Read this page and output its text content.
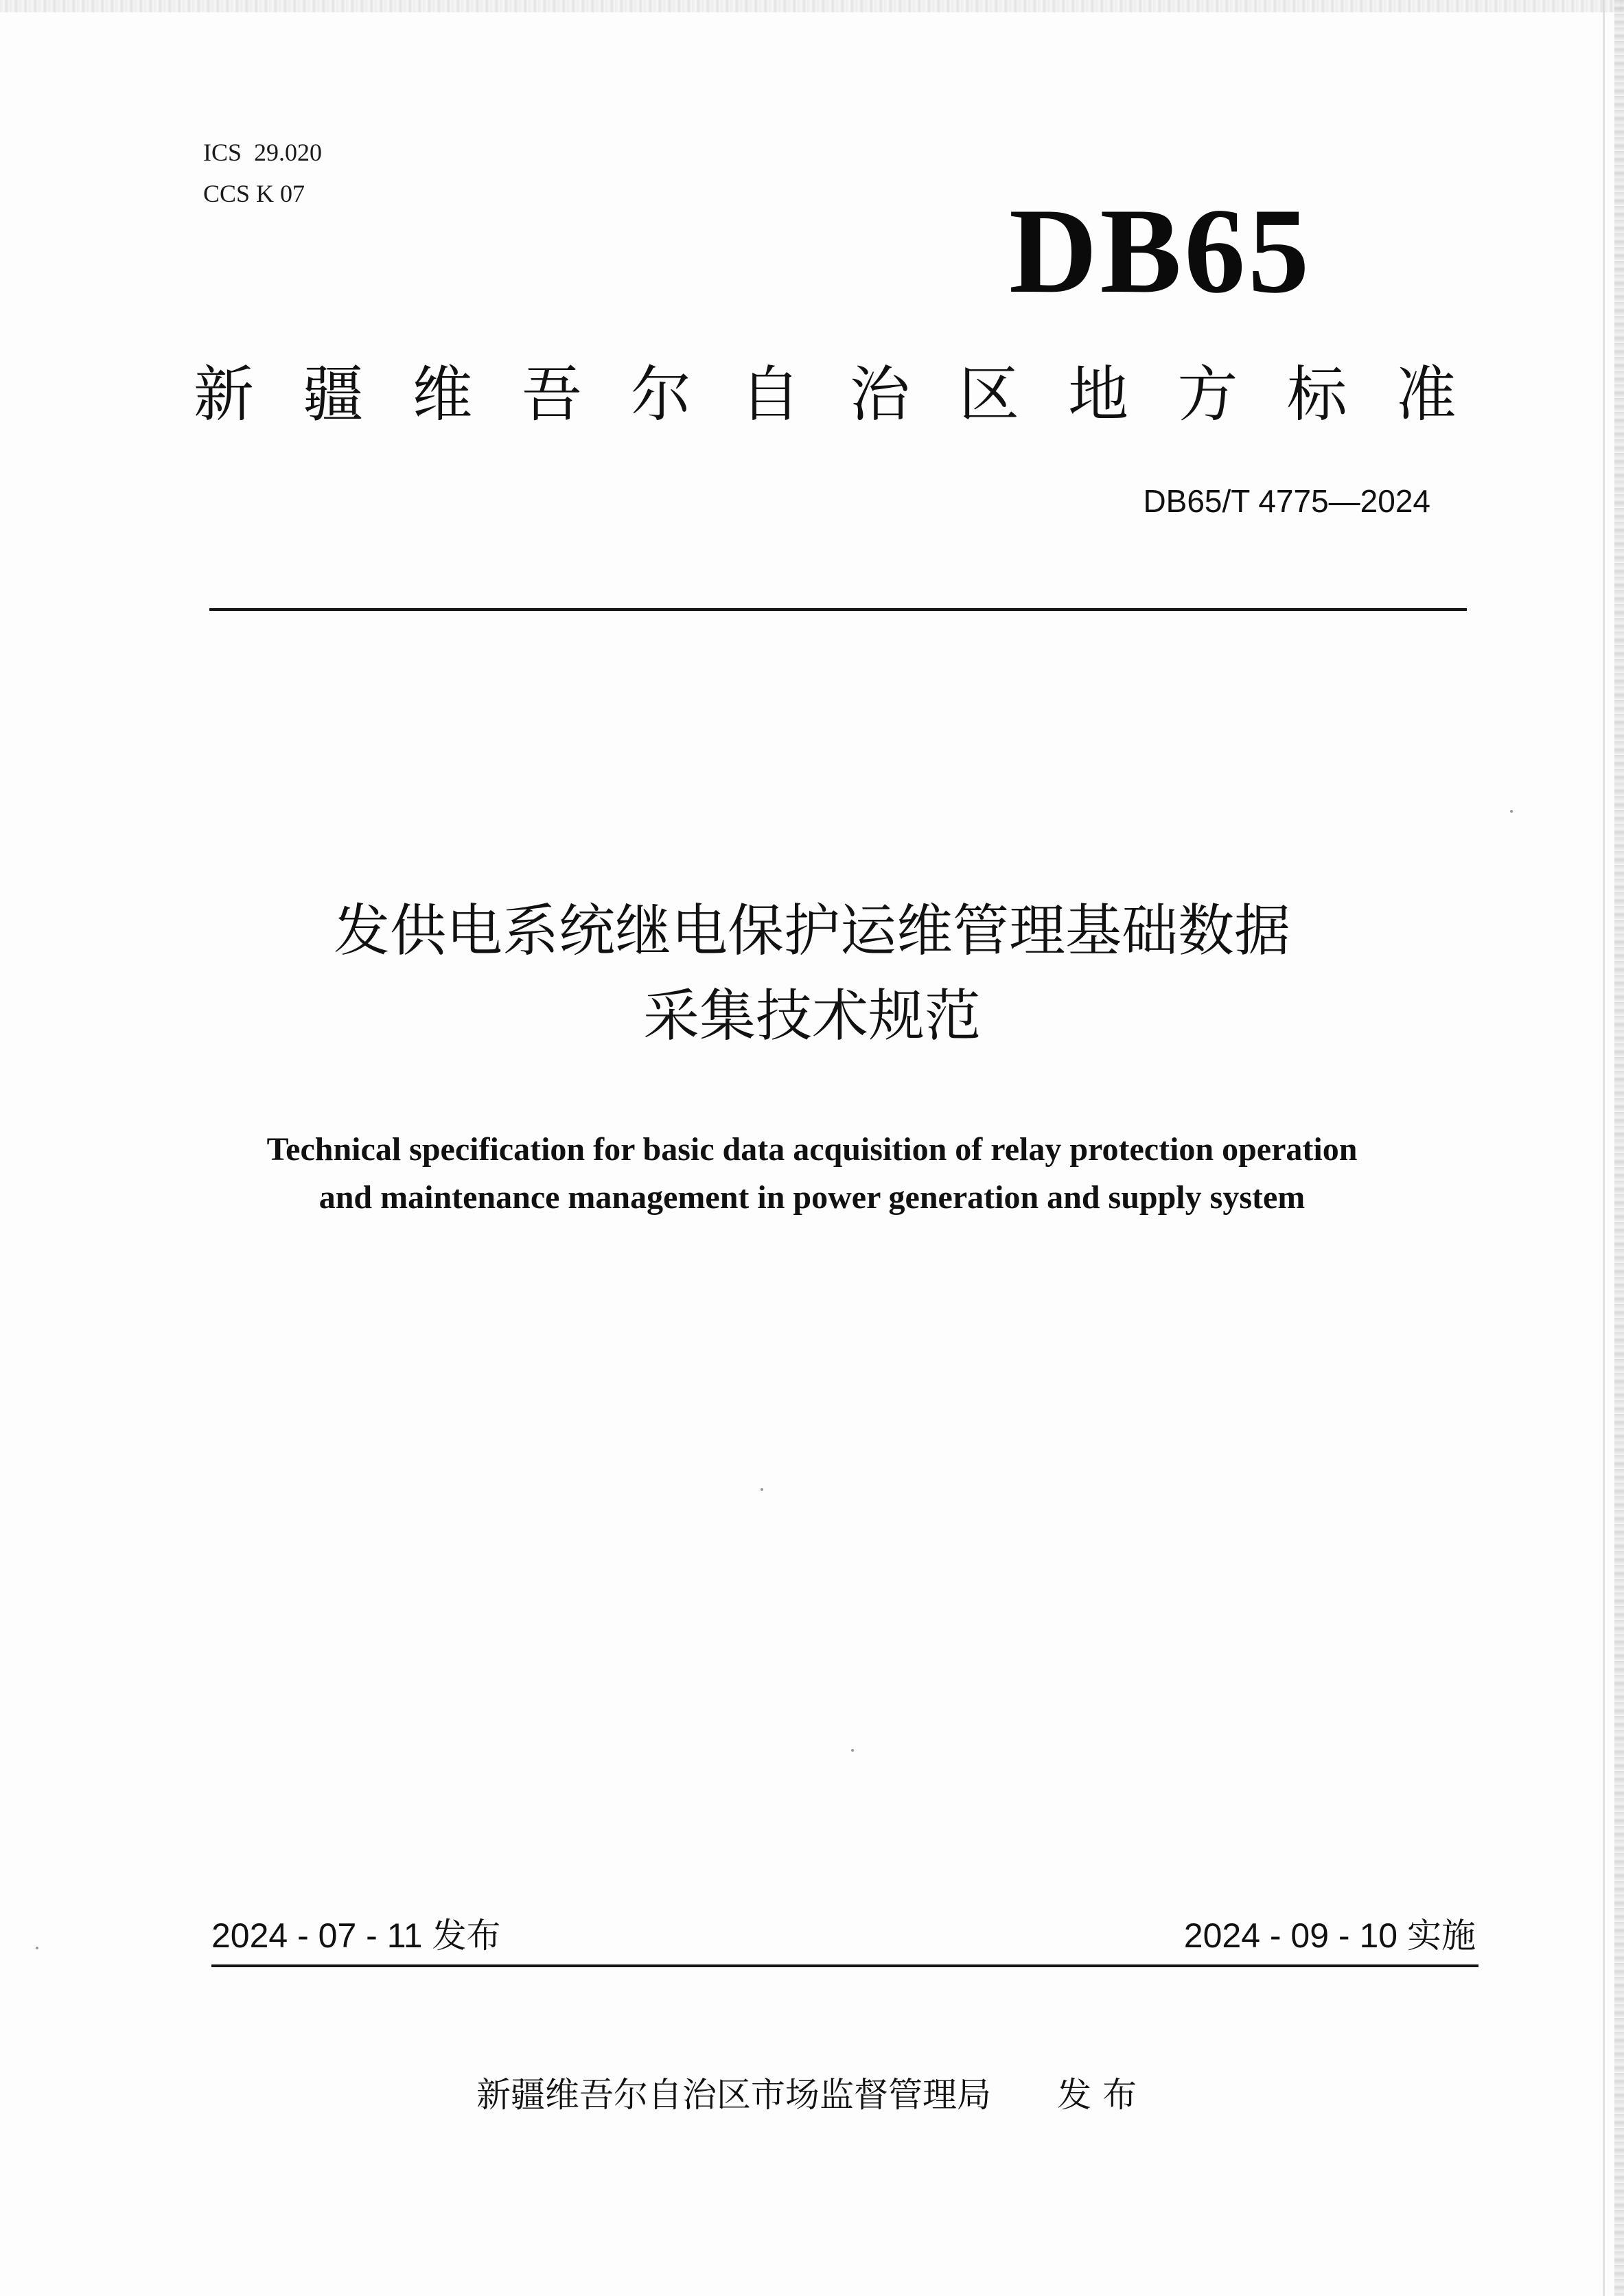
ICS 29.020
CCS K 07	DB65
新 疆 维 吾 尔 自 治 区 地 方 标 准
DB65/T 4775—2024
发供电系统继电保护运维管理基础数据
采集技术规范
Technical specification for basic data acquisition of relay protection operation
and maintenance management in power generation and supply system
2024 - 07 - 11 发布	2024 - 09 - 10 实施
新疆维吾尔自治区市场监督管理局 发布
